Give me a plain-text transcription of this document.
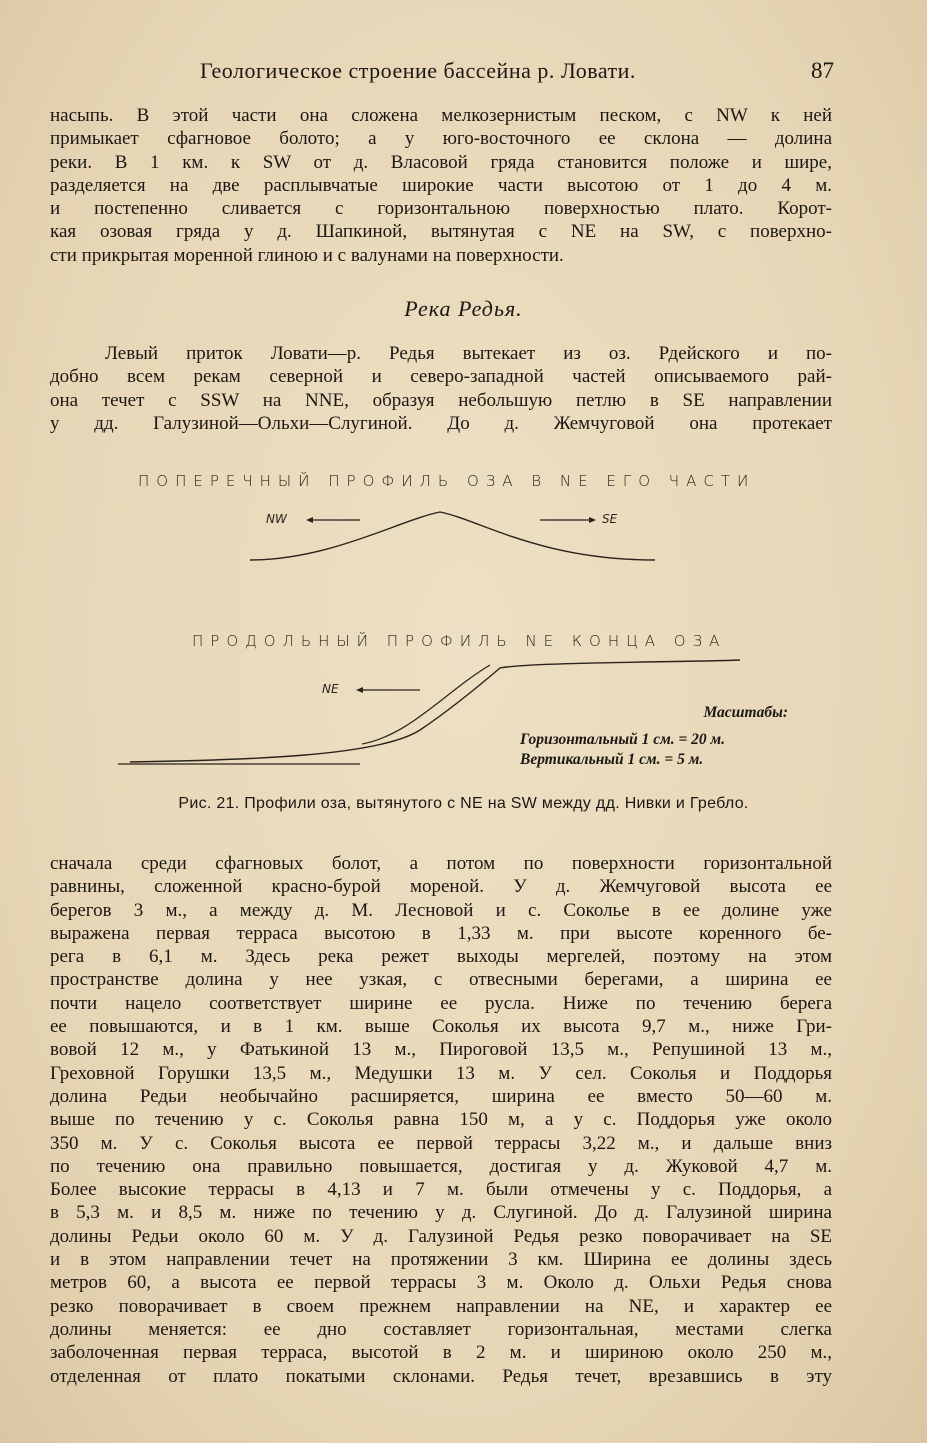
Геологическое строение бассейна р. Ловати.	87
насыпь. В этой части она сложена мелкозернистым песком, с NW к ней
примыкает сфагновое болото; а у юго-восточного ее склона — долина
реки. В 1 км. к SW от д. Власовой гряда становится положе и шире,
разделяется на две расплывчатые широкие части высотою от 1 до 4 м.
и постепенно сливается с горизонтальною поверхностью плато. Корот-
кая озовая гряда у д. Шапкиной, вытянутая с NE на SW, с поверхно-
сти прикрытая моренной глиною и с валунами на поверхности.
Река Редья.
Левый приток Ловати—р. Редья вытекает из оз. Рдейского и по-
добно всем рекам северной и северо-западной частей описываемого рай-
она течет с SSW на NNE, образуя небольшую петлю в SE направлении
у дд. Галузиной—Ольхи—Слугиной. До д. Жемчуговой она протекает
ПОПЕРЕЧНЫЙ ПРОФИЛЬ ОЗА В NE ЕГО ЧАСТИ
NW	SE
ПРОДОЛЬНЫЙ ПРОФИЛЬ NE КОНЦА ОЗА
NE
Масштабы:
Горизонтальный 1 см. = 20 м.
Вертикальный 1 см. = 5 м.
Рис. 21. Профили оза, вытянутого с NE на SW между дд. Нивки и Гребло.
сначала среди сфагновых болот, а потом по поверхности горизонтальной
равнины, сложенной красно-бурой мореной. У д. Жемчуговой высота ее
берегов 3 м., а между д. М. Лесновой и с. Сокольe в ее долине уже
выражена первая терраса высотою в 1,33 м. при высоте коренного бе-
рега в 6,1 м. Здесь река режет выходы мергелей, поэтому на этом
пространстве долина у нее узкая, с отвесными берегами, а ширина ее
почти нацело соответствует ширине ее русла. Ниже по течению берега
ее повышаются, и в 1 км. выше Соколья их высота 9,7 м., ниже Гри-
вовой 12 м., у Фатькиной 13 м., Пироговой 13,5 м., Репушиной 13 м.,
Греховной Горушки 13,5 м., Медушки 13 м. У сел. Соколья и Поддорья
долина Редьи необычайно расширяется, ширина ее вместо 50—60 м.
выше по течению у с. Соколья равна 150 м, а у с. Поддорья уже около
350 м. У с. Соколья высота ее первой террасы 3,22 м., и дальше вниз
по течению она правильно повышается, достигая у д. Жуковой 4,7 м.
Более высокие террасы в 4,13 и 7 м. были отмечены у с. Поддорья, а
в 5,3 м. и 8,5 м. ниже по течению у д. Слугиной. До д. Галузиной ширина
долины Редьи около 60 м. У д. Галузиной Редья резко поворачивает на SE
и в этом направлении течет на протяжении 3 км. Ширина ее долины здесь
метров 60, а высота ее первой террасы 3 м. Около д. Ольхи Редья снова
резко поворачивает в своем прежнем направлении на NE, и характер ее
долины меняется: ее дно составляет горизонтальная, местами слегка
заболоченная первая терраса, высотой в 2 м. и шириною около 250 м.,
отделенная от плато покатыми склонами. Редья течет, врезавшись в эту
